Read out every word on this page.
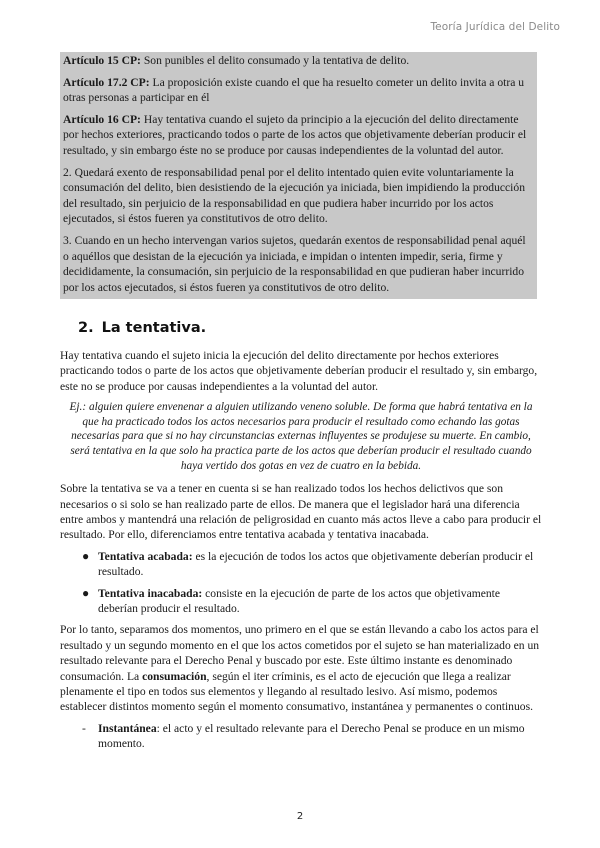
Teoría Jurídica del Delito

Artículo 15 CP: Son punibles el delito consumado y la tentativa de delito.

Artículo 17.2 CP: La proposición existe cuando el que ha resuelto cometer un delito invita a otra u otras personas a participar en él

Artículo 16 CP: Hay tentativa cuando el sujeto da principio a la ejecución del delito directamente por hechos exteriores, practicando todos o parte de los actos que objetivamente deberían producir el resultado, y sin embargo éste no se produce por causas independientes de la voluntad del autor.

2. Quedará exento de responsabilidad penal por el delito intentado quien evite voluntariamente la consumación del delito, bien desistiendo de la ejecución ya iniciada, bien impidiendo la producción del resultado, sin perjuicio de la responsabilidad en que pudiera haber incurrido por los actos ejecutados, si éstos fueren ya constitutivos de otro delito.

3. Cuando en un hecho intervengan varios sujetos, quedarán exentos de responsabilidad penal aquél o aquéllos que desistan de la ejecución ya iniciada, e impidan o intenten impedir, seria, firme y decididamente, la consumación, sin perjuicio de la responsabilidad en que pudieran haber incurrido por los actos ejecutados, si éstos fueren ya constitutivos de otro delito.

2. La tentativa.

Hay tentativa cuando el sujeto inicia la ejecución del delito directamente por hechos exteriores practicando todos o parte de los actos que objetivamente deberían producir el resultado y, sin embargo, este no se produce por causas independientes a la voluntad del autor.

Ej.: alguien quiere envenenar a alguien utilizando veneno soluble. De forma que habrá tentativa en la que ha practicado todos los actos necesarios para producir el resultado como echando las gotas necesarias para que si no hay circunstancias externas influyentes se produjese su muerte. En cambio, será tentativa en la que solo ha practica parte de los actos que deberían producir el resultado cuando haya vertido dos gotas en vez de cuatro en la bebida.

Sobre la tentativa se va a tener en cuenta si se han realizado todos los hechos delictivos que son necesarios o si solo se han realizado parte de ellos. De manera que el legislador hará una diferencia entre ambos y mantendrá una relación de peligrosidad en cuanto más actos lleve a cabo para producir el resultado. Por ello, diferenciamos entre tentativa acabada y tentativa inacabada.

● Tentativa acabada: es la ejecución de todos los actos que objetivamente deberían producir el resultado.
● Tentativa inacabada: consiste en la ejecución de parte de los actos que objetivamente deberían producir el resultado.

Por lo tanto, separamos dos momentos, uno primero en el que se están llevando a cabo los actos para el resultado y un segundo momento en el que los actos cometidos por el sujeto se han materializado en un resultado relevante para el Derecho Penal y buscado por este. Este último instante es denominado consumación. La consumación, según el iter críminis, es el acto de ejecución que llega a realizar plenamente el tipo en todos sus elementos y llegando al resultado lesivo. Así mismo, podemos establecer distintos momento según el momento consumativo, instantánea y permanentes o continuos.

- Instantánea: el acto y el resultado relevante para el Derecho Penal se produce en un mismo momento.
2
